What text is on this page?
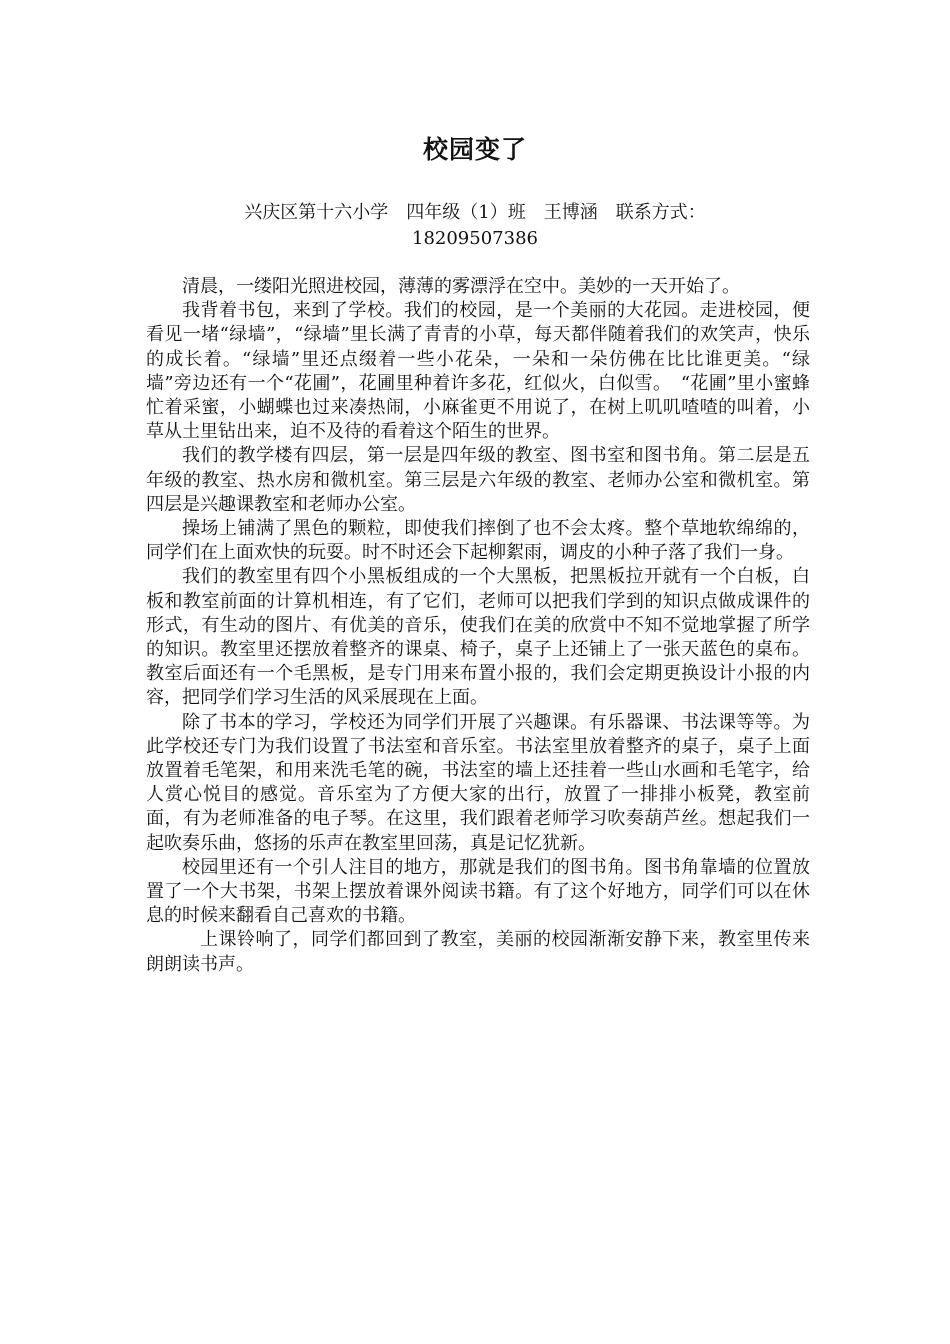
校园变了
兴庆区第十六小学　四年级（1）班　王博涵　联系方式：
18209507386

清晨，一缕阳光照进校园，薄薄的雾漂浮在空中。美妙的一天开始了。

我背着书包，来到了学校。我们的校园，是一个美丽的大花园。走进校园，便看见一堵“绿墙”，“绿墙”里长满了青青的小草，每天都伴随着我们的欢笑声，快乐的成长着。“绿墙”里还点缀着一些小花朵，一朵和一朵仿佛在比比谁更美。“绿墙”旁边还有一个“花圃”，花圃里种着许多花，红似火，白似雪。　“花圃”里小蜜蜂忙着采蜜，小蝴蝶也过来凑热闹，小麻雀更不用说了，在树上叽叽喳喳的叫着，小草从土里钻出来，迫不及待的看着这个陌生的世界。

我们的教学楼有四层，第一层是四年级的教室、图书室和图书角。第二层是五年级的教室、热水房和微机室。第三层是六年级的教室、老师办公室和微机室。第四层是兴趣课教室和老师办公室。

操场上铺满了黑色的颗粒，即使我们摔倒了也不会太疼。整个草地软绵绵的，同学们在上面欢快的玩耍。时不时还会下起柳絮雨，调皮的小种子落了我们一身。

我们的教室里有四个小黑板组成的一个大黑板，把黑板拉开就有一个白板，白板和教室前面的计算机相连，有了它们，老师可以把我们学到的知识点做成课件的形式，有生动的图片、有优美的音乐，使我们在美的欣赏中不知不觉地掌握了所学的知识。教室里还摆放着整齐的课桌、椅子，桌子上还铺上了一张天蓝色的桌布。教室后面还有一个毛黑板，是专门用来布置小报的，我们会定期更换设计小报的内容，把同学们学习生活的风采展现在上面。

除了书本的学习，学校还为同学们开展了兴趣课。有乐器课、书法课等等。为此学校还专门为我们设置了书法室和音乐室。书法室里放着整齐的桌子，桌子上面放置着毛笔架，和用来洗毛笔的碗，书法室的墙上还挂着一些山水画和毛笔字，给人赏心悦目的感觉。音乐室为了方便大家的出行，放置了一排排小板凳，教室前面，有为老师准备的电子琴。在这里，我们跟着老师学习吹奏葫芦丝。想起我们一起吹奏乐曲，悠扬的乐声在教室里回荡，真是记忆犹新。

校园里还有一个引人注目的地方，那就是我们的图书角。图书角靠墙的位置放置了一个大书架，书架上摆放着课外阅读书籍。有了这个好地方，同学们可以在休息的时候来翻看自己喜欢的书籍。

上课铃响了，同学们都回到了教室，美丽的校园渐渐安静下来，教室里传来朗朗读书声。
